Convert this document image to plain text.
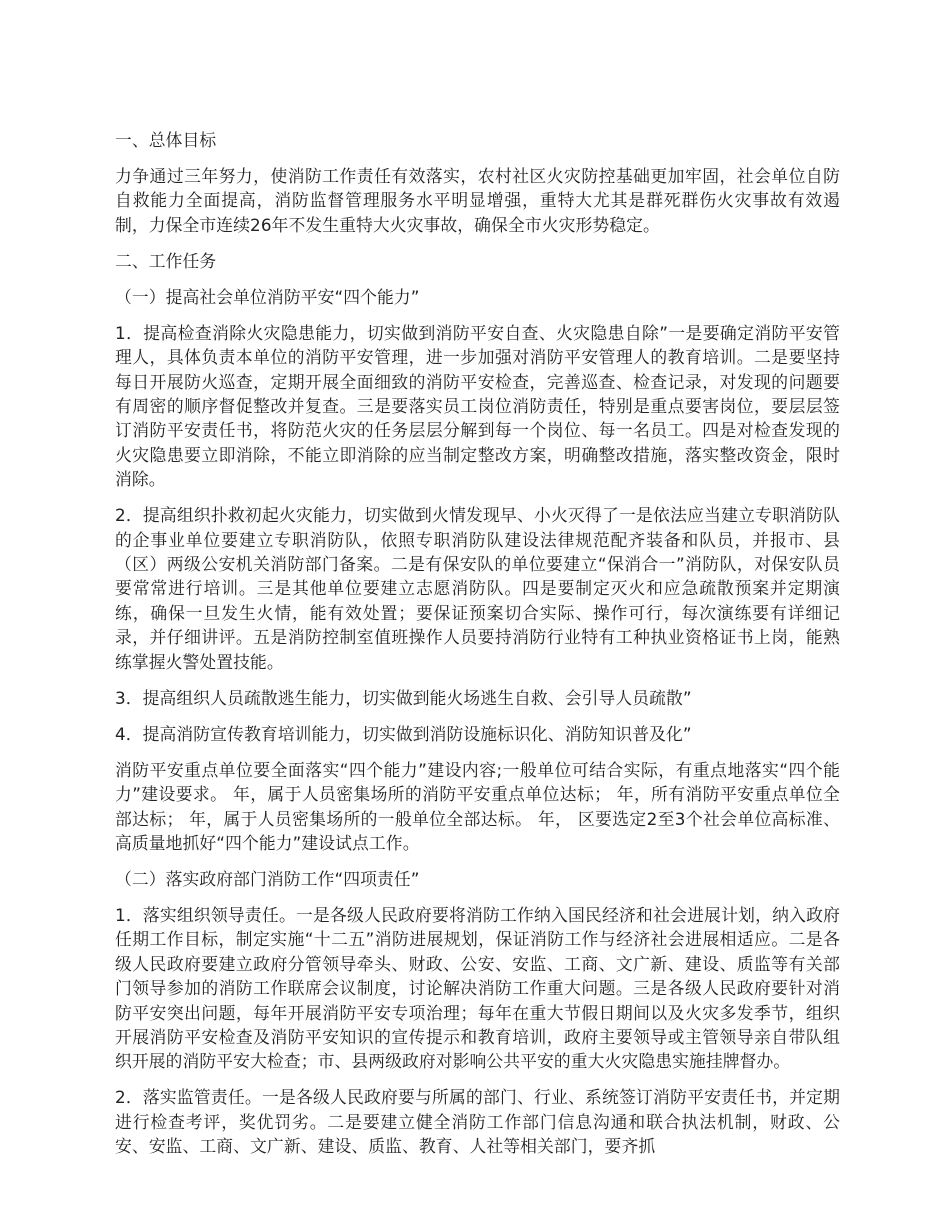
一、总体目标

力争通过三年努力，使消防工作责任有效落实，农村社区火灾防控基础更加牢固，社会单位自防自救能力全面提高，消防监督管理服务水平明显增强，重特大尤其是群死群伤火灾事故有效遏制，力保全市连续26年不发生重特大火灾事故，确保全市火灾形势稳定。

二、工作任务

（一）提高社会单位消防平安“四个能力”

1．提高检查消除火灾隐患能力，切实做到消防平安自查、火灾隐患自除”一是要确定消防平安管理人，具体负责本单位的消防平安管理，进一步加强对消防平安管理人的教育培训。二是要坚持每日开展防火巡查，定期开展全面细致的消防平安检查，完善巡查、检查记录，对发现的问题要有周密的顺序督促整改并复查。三是要落实员工岗位消防责任，特别是重点要害岗位，要层层签订消防平安责任书，将防范火灾的任务层层分解到每一个岗位、每一名员工。四是对检查发现的火灾隐患要立即消除，不能立即消除的应当制定整改方案，明确整改措施，落实整改资金，限时消除。

2．提高组织扑救初起火灾能力，切实做到火情发现早、小火灭得了一是依法应当建立专职消防队的企事业单位要建立专职消防队，依照专职消防队建设法律规范配齐装备和队员，并报市、县（区）两级公安机关消防部门备案。二是有保安队的单位要建立“保消合一”消防队，对保安队员要常常进行培训。三是其他单位要建立志愿消防队。四是要制定灭火和应急疏散预案并定期演练，确保一旦发生火情，能有效处置；要保证预案切合实际、操作可行，每次演练要有详细记录，并仔细讲评。五是消防控制室值班操作人员要持消防行业特有工种执业资格证书上岗，能熟练掌握火警处置技能。

3．提高组织人员疏散逃生能力，切实做到能火场逃生自救、会引导人员疏散”

4．提高消防宣传教育培训能力，切实做到消防设施标识化、消防知识普及化”

消防平安重点单位要全面落实“四个能力”建设内容;一般单位可结合实际，有重点地落实“四个能力”建设要求。 年，属于人员密集场所的消防平安重点单位达标； 年，所有消防平安重点单位全部达标； 年，属于人员密集场所的一般单位全部达标。 年， 区要选定2至3个社会单位高标准、高质量地抓好“四个能力”建设试点工作。

（二）落实政府部门消防工作“四项责任”

1．落实组织领导责任。一是各级人民政府要将消防工作纳入国民经济和社会进展计划，纳入政府任期工作目标，制定实施“十二五”消防进展规划，保证消防工作与经济社会进展相适应。二是各级人民政府要建立政府分管领导牵头、财政、公安、安监、工商、文广新、建设、质监等有关部门领导参加的消防工作联席会议制度，讨论解决消防工作重大问题。三是各级人民政府要针对消防平安突出问题，每年开展消防平安专项治理；每年在重大节假日期间以及火灾多发季节，组织开展消防平安检查及消防平安知识的宣传提示和教育培训，政府主要领导或主管领导亲自带队组织开展的消防平安大检查；市、县两级政府对影响公共平安的重大火灾隐患实施挂牌督办。

2．落实监管责任。一是各级人民政府要与所属的部门、行业、系统签订消防平安责任书，并定期进行检查考评，奖优罚劣。二是要建立健全消防工作部门信息沟通和联合执法机制，财政、公安、安监、工商、文广新、建设、质监、教育、人社等相关部门，要齐抓
